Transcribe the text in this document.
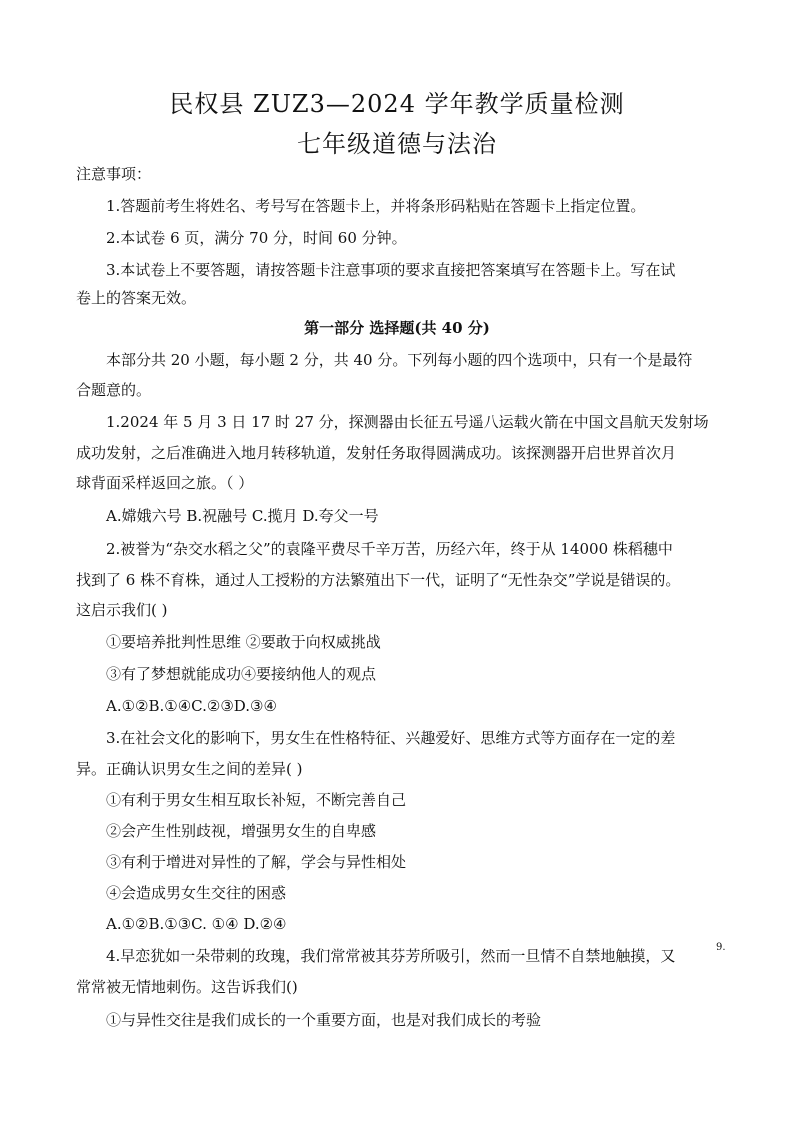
民权县 ZUZ3—2024 学年教学质量检测
七年级道德与法治
注意事项：
1.答题前考生将姓名、考号写在答题卡上，并将条形码粘贴在答题卡上指定位置。
2.本试卷 6 页，满分 70 分，时间 60 分钟。
3.本试卷上不要答题，请按答题卡注意事项的要求直接把答案填写在答题卡上。写在试
卷上的答案无效。
第一部分 选择题(共 40 分)
本部分共 20 小题，每小题 2 分，共 40 分。下列每小题的四个选项中，只有一个是最符
合题意的。
1.2024 年 5 月 3 日 17 时 27 分，探测器由长征五号遥八运载火箭在中国文昌航天发射场
成功发射，之后准确进入地月转移轨道，发射任务取得圆满成功。该探测器开启世界首次月
球背面采样返回之旅。（ ）
A.嫦娥六号 B.祝融号 C.揽月 D.夸父一号
2.被誉为“杂交水稻之父”的袁隆平费尽千辛万苦，历经六年，终于从 14000 株稻穗中
找到了 6 株不育株，通过人工授粉的方法繁殖出下一代，证明了“无性杂交”学说是错误的。
这启示我们( )
①要培养批判性思维 ②要敢于向权威挑战
③有了梦想就能成功④要接纳他人的观点
A.①②B.①④C.②③D.③④
3.在社会文化的影响下，男女生在性格特征、兴趣爱好、思维方式等方面存在一定的差
异。正确认识男女生之间的差异( )
①有利于男女生相互取长补短，不断完善自己
②会产生性别歧视，增强男女生的自卑感
③有利于增进对异性的了解，学会与异性相处
④会造成男女生交往的困惑
A.①②B.①③C. ①④ D.②④
4.早恋犹如一朵带刺的玫瑰，我们常常被其芬芳所吸引，然而一旦情不自禁地触摸，又	9.
常常被无情地刺伤。这告诉我们()
①与异性交往是我们成长的一个重要方面，也是对我们成长的考验
